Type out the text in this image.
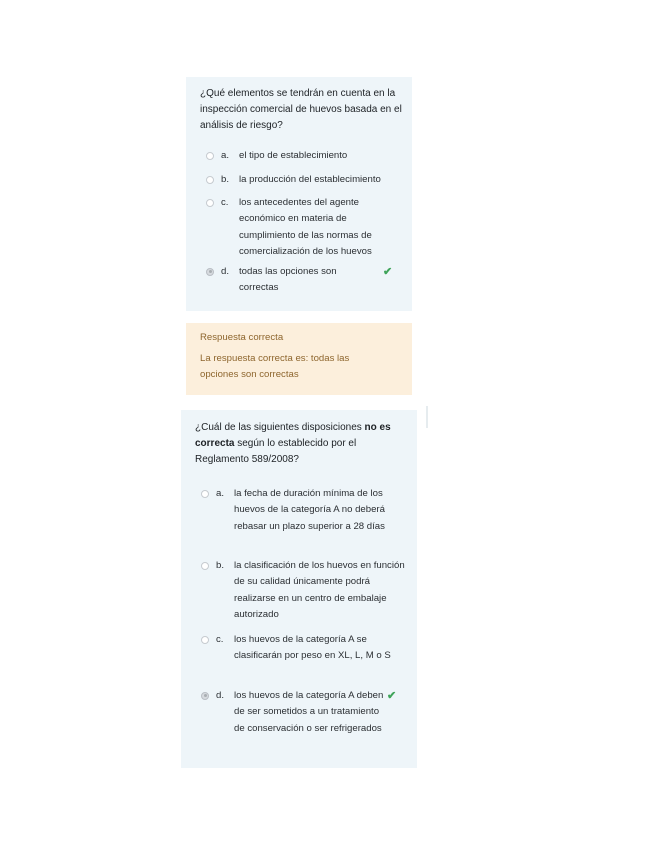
¿Qué elementos se tendrán en cuenta en la inspección comercial de huevos basada en el análisis de riesgo?
a. el tipo de establecimiento
b. la producción del establecimiento
c. los antecedentes del agente económico en materia de cumplimiento de las normas de comercialización de los huevos
d. todas las opciones son correctas
✔
Respuesta correcta
La respuesta correcta es: todas las opciones son correctas
¿Cuál de las siguientes disposiciones no es correcta según lo establecido por el Reglamento 589/2008?
a. la fecha de duración mínima de los huevos de la categoría A no deberá rebasar un plazo superior a 28 días
b. la clasificación de los huevos en función de su calidad únicamente podrá realizarse en un centro de embalaje autorizado
c. los huevos de la categoría A se clasificarán por peso en XL, L, M o S
d. los huevos de la categoría A deben de ser sometidos a un tratamiento de conservación o ser refrigerados
✔
